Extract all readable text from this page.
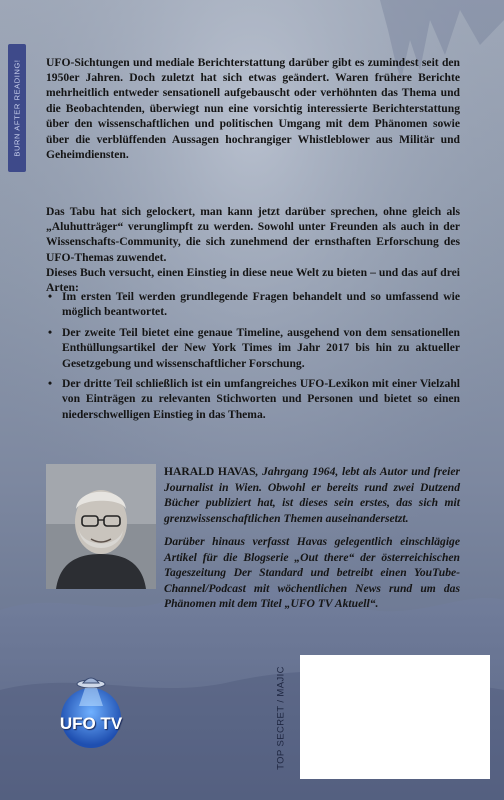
BURN AFTER READING! UFO-Sichtungen und mediale Berichterstattung darüber gibt es zumindest seit den 1950er Jahren. Doch zuletzt hat sich etwas geändert. Waren frühere Berichte mehrheitlich entweder sensationell aufgebauscht oder verhöhnten das Thema und die Beobachtenden, überwiegt nun eine vorsichtig interessierte Berichterstattung über den wissenschaftlichen und politischen Umgang mit dem Phänomen sowie über die verblüffenden Aussagen hochrangiger Whistleblower aus Militär und Geheimdiensten.

Das Tabu hat sich gelockert, man kann jetzt darüber sprechen, ohne gleich als „Aluhutträger“ verunglimpft zu werden. Sowohl unter Freunden als auch in der Wissenschafts-Community, die sich zunehmend der ernsthaften Erforschung des UFO-Themas zuwendet.

Dieses Buch versucht, einen Einstieg in diese neue Welt zu bieten – und das auf drei Arten:

• Im ersten Teil werden grundlegende Fragen behandelt und so umfassend wie möglich beantwortet.
• Der zweite Teil bietet eine genaue Timeline, ausgehend von dem sensationellen Enthüllungsartikel der New York Times im Jahr 2017 bis hin zu aktueller Gesetzgebung und wissenschaftlicher Forschung.
• Der dritte Teil schließlich ist ein umfangreiches UFO-Lexikon mit einer Vielzahl von Einträgen zu relevanten Stichworten und Personen und bietet so einen niederschwelligen Einstieg in das Thema.

HARALD HAVAS, Jahrgang 1964, lebt als Autor und freier Journalist in Wien. Obwohl er bereits rund zwei Dutzend Bücher publiziert hat, ist dieses sein erstes, das sich mit grenzwissenschaftlichen Themen auseinandersetzt.

Darüber hinaus verfasst Havas gelegentlich einschlägige Artikel für die Blogserie „Out there“ der österreichischen Tageszeitung Der Standard und betreibt einen YouTube-Channel/Podcast mit wöchentlichen News rund um das Phänomen mit dem Titel „UFO TV Aktuell“.

UFO TV	TOP SECRET / MAJIC
